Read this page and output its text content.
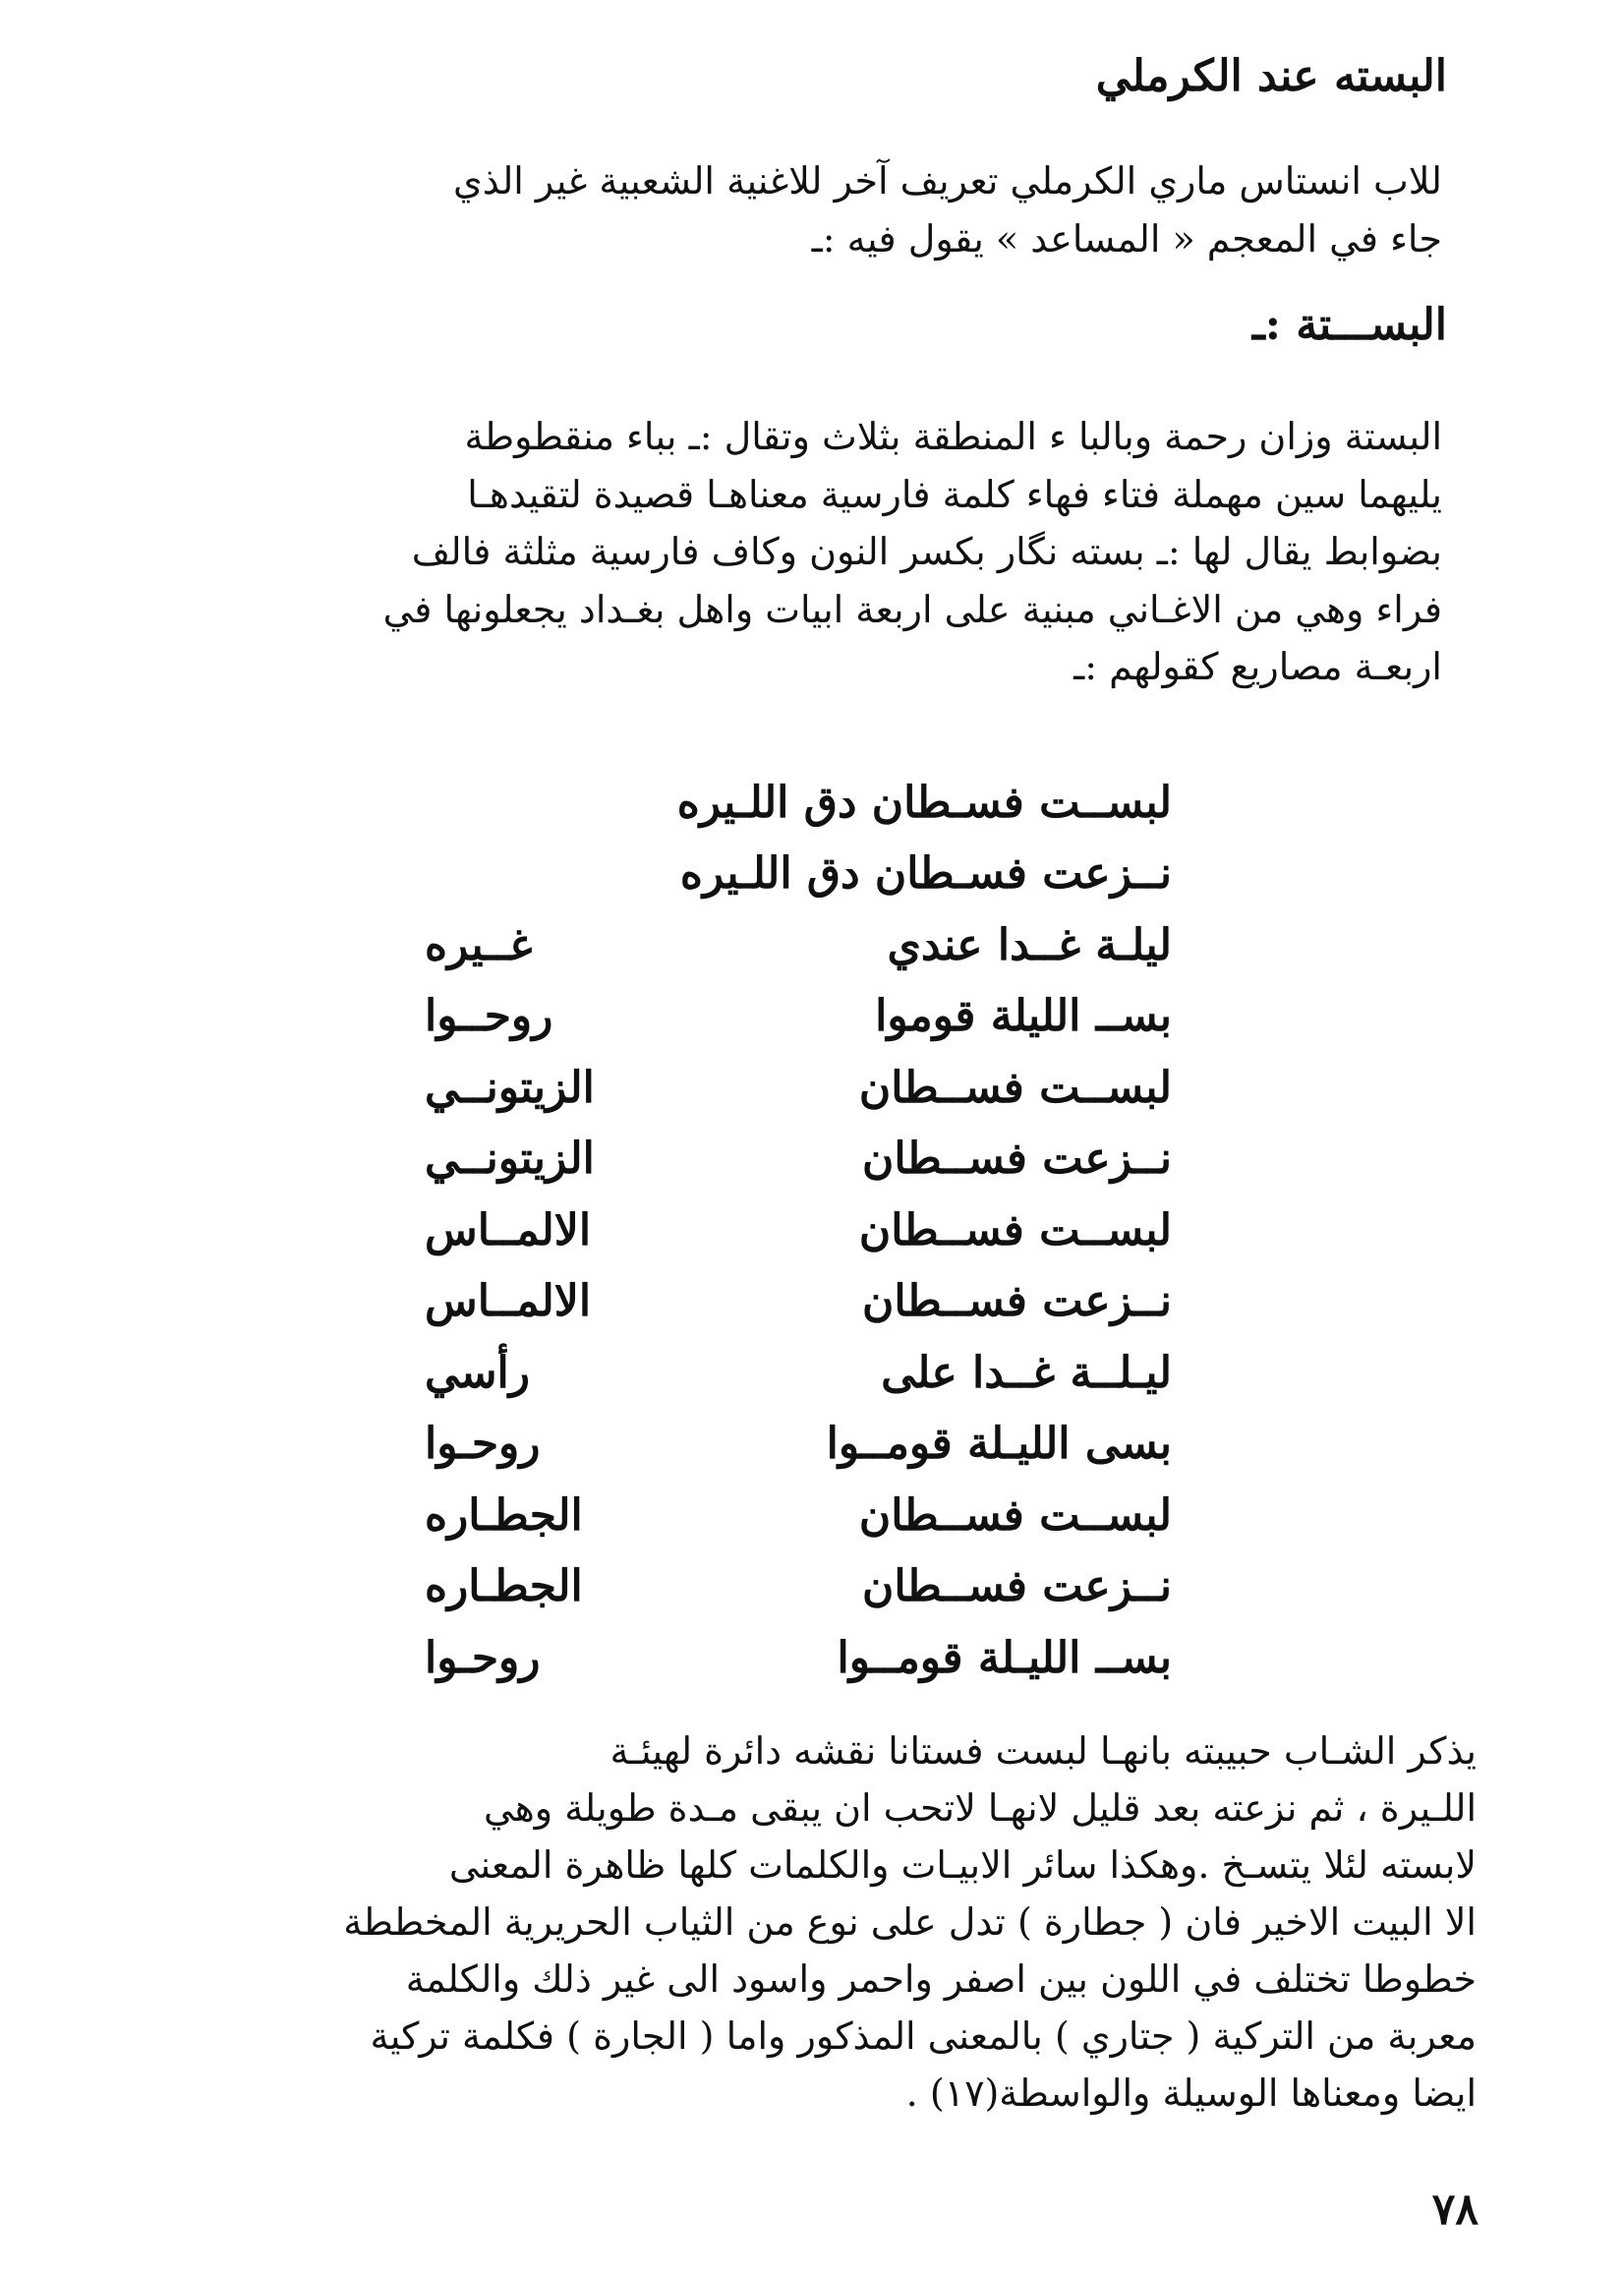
البسته عند الكرملي

للاب انستاس ماري الكرملي تعريف آخر للاغنية الشعبية غير الذي
جاء في المعجم « المساعد » يقول فيه :ـ

البســـتة :ـ

البستة وزان رحمة وبالبا ء المنطقة بثلاث وتقال :ـ بباء منقطوطة
يليهما سين مهملة فتاء فهاء كلمة فارسية معناهـا قصيدة لتقيدهـا
بضوابط يقال لها :ـ بسته نگار بكسر النون وكاف فارسية مثلثة فالف
فراء وهي من الاغـاني مبنية على اربعة ابيات واهل بغـداد يجعلونها في
اربعـة مصاريع كقولهم :ـ

لبســت فسـطان دق اللـيره
نــزعت فسـطان دق اللـيره
ليلـة غــدا عندي
غــيره
بســ الليلة قوموا
روحــوا
لبســت فســطان
الزيتونــي
نــزعت فســطان
الزيتونــي
لبســت فســطان
الالمــاس
نــزعت فســطان
الالمــاس
ليـلــة غــدا على
رأسي
بسى الليـلة قومــوا
روحـوا
لبســت فســطان
الجطـاره
نــزعت فســطان
الجطـاره
بســ الليـلة قومــوا
روحـوا

يذكر الشـاب حبيبته بانهـا لبست فستانا نقشه دائرة لهيئـة
اللـيرة ، ثم نزعته بعد قليل لانهـا لاتحب ان يبقى مـدة طويلة وهي
لابسته لئلا يتسـخ .وهكذا سائر الابيـات والكلمات كلها ظاهرة المعنى
الا البيت الاخير فان ( جطارة ) تدل على نوع من الثياب الحريرية المخططة
خطوطا تختلف في اللون بين اصفر واحمر واسود الى غير ذلك والكلمة
معربة من التركية ( جتاري ) بالمعنى المذكور واما ( الجارة ) فكلمة تركية
ايضا ومعناها الوسيلة والواسطة(١٧) .

٧٨
